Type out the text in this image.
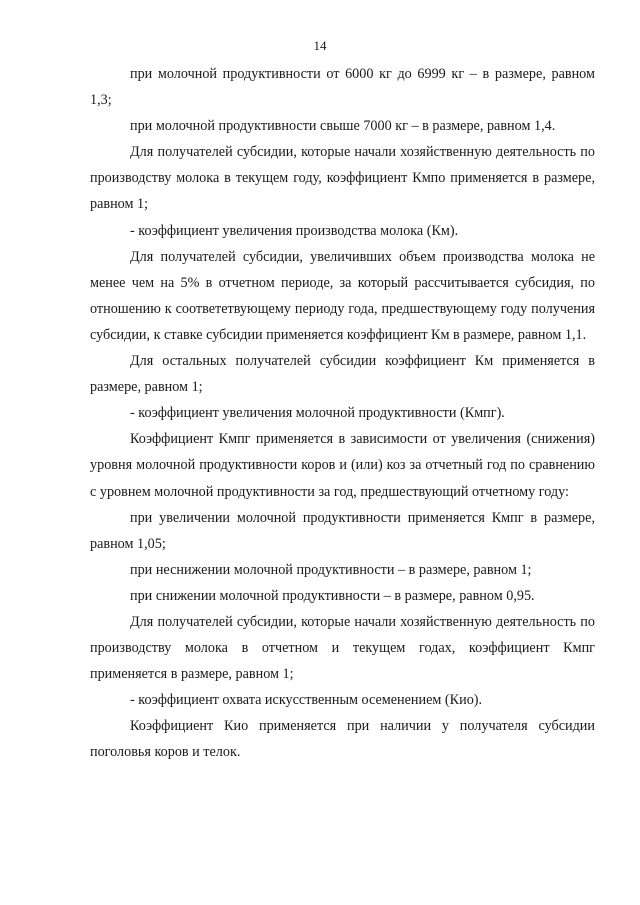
14

при молочной продуктивности от 6000 кг до 6999 кг – в размере, равном 1,3;

при молочной продуктивности свыше 7000 кг – в размере, равном 1,4.

Для получателей субсидии, которые начали хозяйственную деятельность по производству молока в текущем году, коэффициент Кмпо применяется в размере, равном 1;

- коэффициент увеличения производства молока (Км).

Для получателей субсидии, увеличивших объем производства молока не менее чем на 5% в отчетном периоде, за который рассчитывается субсидия, по отношению к соответетвующему периоду года, предшествующему году получения субсидии, к ставке субсидии применяется коэффициент Км в размере, равном 1,1.

Для остальных получателей субсидии коэффициент Км применяется в размере, равном 1;

- коэффициент увеличения молочной продуктивности (Кмпг).

Коэффициент Кмпг применяется в зависимости от увеличения (снижения) уровня молочной продуктивности коров и (или) коз за отчетный год по сравнению с уровнем молочной продуктивности за год, предшествующий отчетному году:

при увеличении молочной продуктивности применяется Кмпг в размере, равном 1,05;

при неснижении молочной продуктивности – в размере, равном 1;

при снижении молочной продуктивности – в размере, равном 0,95.

Для получателей субсидии, которые начали хозяйственную деятельность по производству молока в отчетном и текущем годах, коэффициент Кмпг применяется в размере, равном 1;

- коэффициент охвата искусственным осеменением (Кио).

Коэффициент Кио применяется при наличии у получателя субсидии поголовья коров и телок.
